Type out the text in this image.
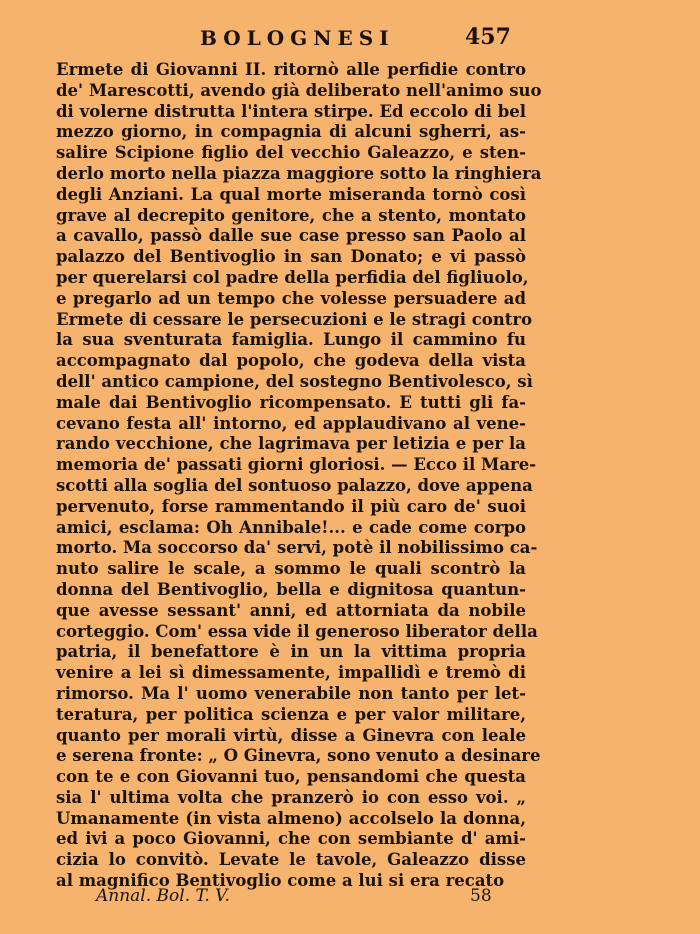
BOLOGNESI	457
Ermete di Giovanni II. ritornò alle perfidie contro
de' Marescotti, avendo già deliberato nell'animo suo
di volerne distrutta l'intera stirpe. Ed eccolo di bel
mezzo giorno, in compagnia di alcuni sgherri, as-
salire Scipione figlio del vecchio Galeazzo, e sten-
derlo morto nella piazza maggiore sotto la ringhiera
degli Anziani. La qual morte miseranda tornò così
grave al decrepito genitore, che a stento, montato
a cavallo, passò dalle sue case presso san Paolo al
palazzo del Bentivoglio in san Donato; e vi passò
per querelarsi col padre della perfidia del figliuolo,
e pregarlo ad un tempo che volesse persuadere ad
Ermete di cessare le persecuzioni e le stragi contro
la sua sventurata famiglia. Lungo il cammino fu
accompagnato dal popolo, che godeva della vista
dell' antico campione, del sostegno Bentivolesco, sì
male dai Bentivoglio ricompensato. E tutti gli fa-
cevano festa all' intorno, ed applaudivano al vene-
rando vecchione, che lagrimava per letizia e per la
memoria de' passati giorni gloriosi. — Ecco il Mare-
scotti alla soglia del sontuoso palazzo, dove appena
pervenuto, forse rammentando il più caro de' suoi
amici, esclama: Oh Annibale!... e cade come corpo
morto. Ma soccorso da' servi, potè il nobilissimo ca-
nuto salire le scale, a sommo le quali scontrò la
donna del Bentivoglio, bella e dignitosa quantun-
que avesse sessant' anni, ed attorniata da nobile
corteggio. Com' essa vide il generoso liberator della
patria, il benefattore è in un la vittima propria
venire a lei sì dimessamente, impallidì e tremò di
rimorso. Ma l' uomo venerabile non tanto per let-
teratura, per politica scienza e per valor militare,
quanto per morali virtù, disse a Ginevra con leale
e serena fronte: „ O Ginevra, sono venuto a desinare
con te e con Giovanni tuo, pensandomi che questa
sia l' ultima volta che pranzerò io con esso voi. „
Umanamente (in vista almeno) accolselo la donna,
ed ivi a poco Giovanni, che con sembiante d' ami-
cizia lo convitò. Levate le tavole, Galeazzo disse
al magnifico Bentivoglio come a lui si era recato
Annal. Bol. T. V.	58
